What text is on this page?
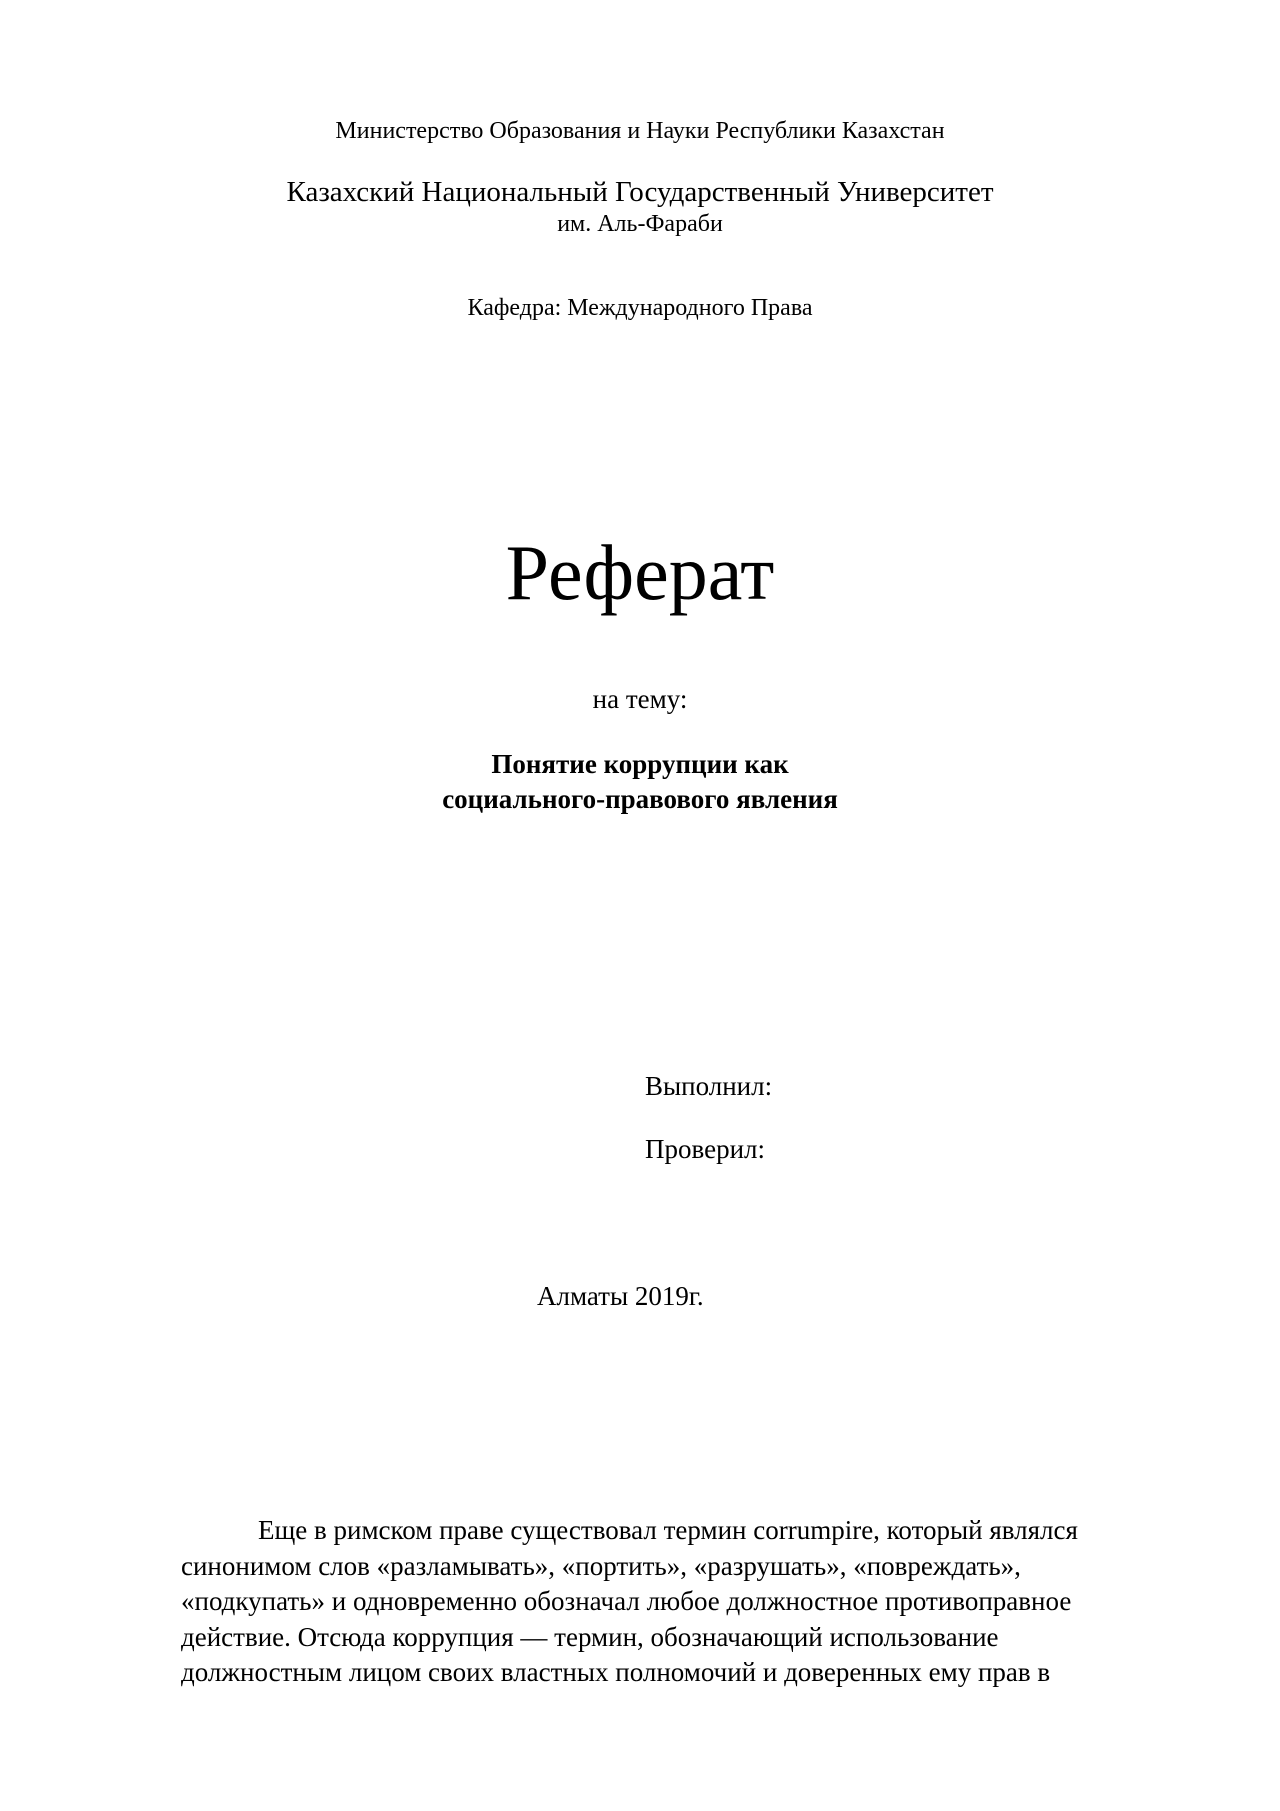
Министерство Образования и Науки Республики Казахстан
Казахский Национальный Государственный Университет
им. Аль-Фараби
Кафедра: Международного Права
Реферат
на тему:
Понятие коррупции как
социального-правового явления
Выполнил:
Проверил:
Алматы 2019г.
Еще в римском праве существовал термин corrumpire, который являлся
синонимом слов «разламывать», «портить», «разрушать», «повреждать»,
«подкупать» и одновременно обозначал любое должностное противоправное
действие. Отсюда коррупция — термин, обозначающий использование
должностным лицом своих властных полномочий и доверенных ему прав в
